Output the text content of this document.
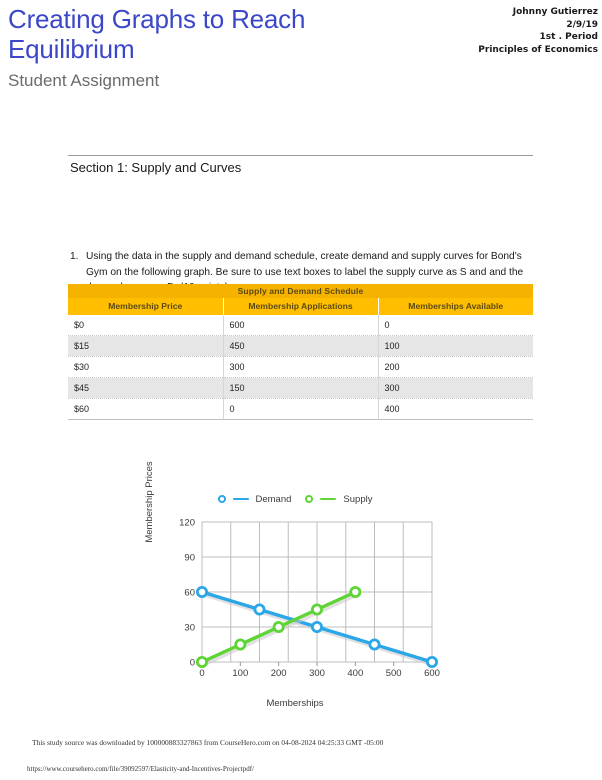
Creating Graphs to Reach Equilibrium

Student Assignment

Johnny Gutierrez
2/9/19
1st . Period
Principles of Economics
Section 1: Supply and Curves
1. Using the data in the supply and demand schedule, create demand and supply curves for Bond's Gym on the following graph. Be sure to use text boxes to label the supply curve as S and and the
Supply and Demand Schedule		
Membership Price	Membership Applications	Memberships Available
$0	600	0
$15	450	100
$30	300	200
$45	150	300
$60	0	400
Demand	Supply
Membership Prices
Memberships
0
30
60
90
120
0	100 200 300 400 500 600
This study source was downloaded by 100000883327863 from CourseHero.com on 04-08-2024 04:25:33 GMT -05:00
https://www.coursehero.com/file/39092597/Elasticity-and-Incentives-Projectpdf/
